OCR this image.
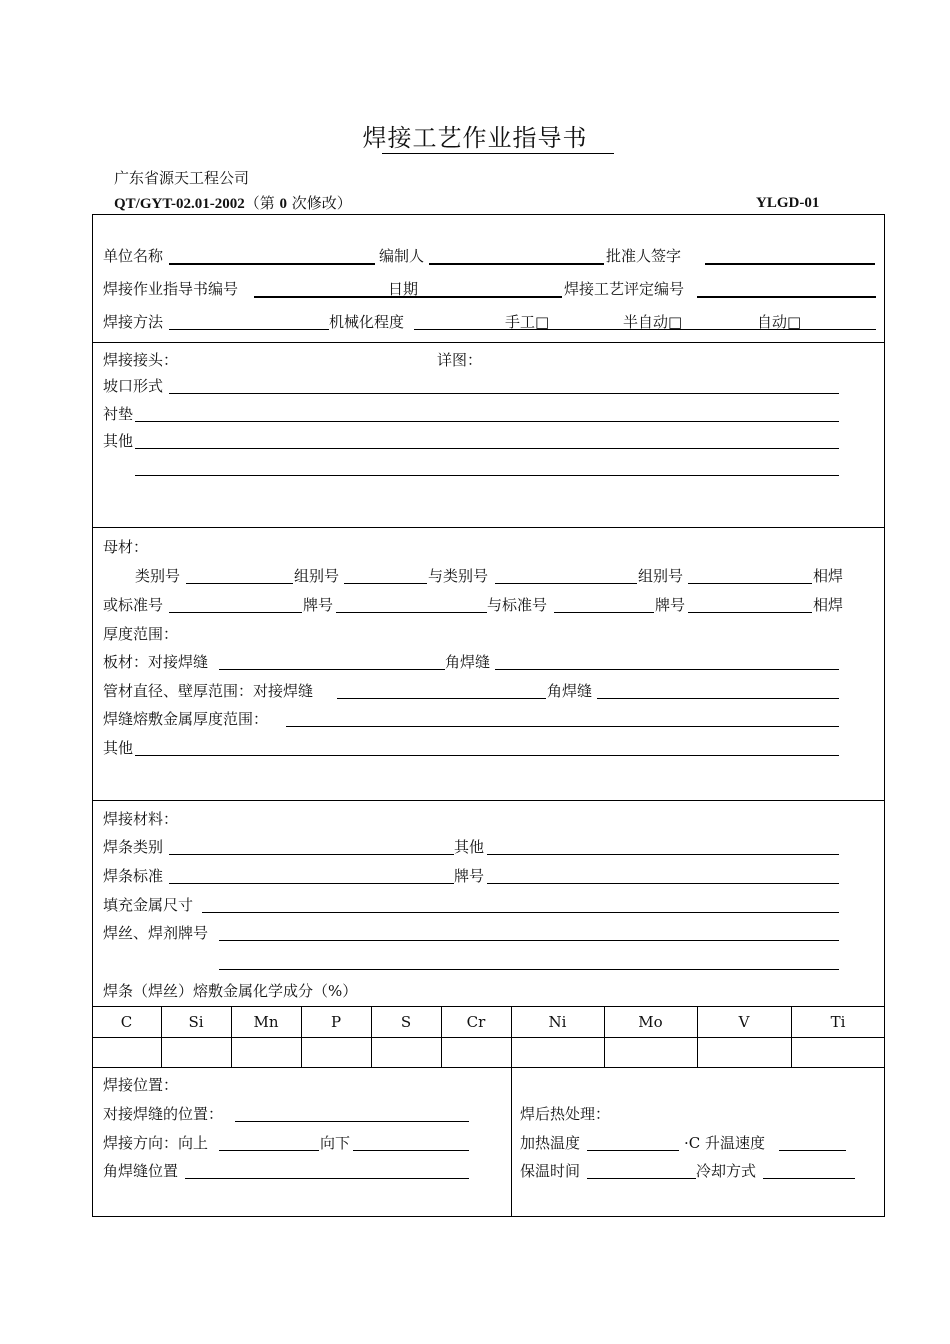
焊接工艺作业指导书
广东省源天工程公司
QT/GYT-02.01-2002（第 0 次修改）	YLGD-01
单位名称	编制人	批准人签字
焊接作业指导书编号	日期	焊接工艺评定编号
焊接方法	机械化程度	手工□	半自动□	自动□
焊接接头：	详图：
坡口形式
衬垫
其他
母材：
类别号	组别号	与类别号	组别号	相焊
或标准号	牌号	与标准号	牌号	相焊
厚度范围：
板材：对接焊缝	角焊缝
管材直径、壁厚范围：对接焊缝	角焊缝
焊缝熔敷金属厚度范围：
其他
焊接材料：
焊条类别	其他
焊条标准	牌号
填充金属尺寸
焊丝、焊剂牌号
焊条（焊丝）熔敷金属化学成分（%）
C	Si	Mn	P	S	Cr	Ni	Mo	V	Ti
焊接位置：
对接焊缝的位置：
焊接方向：向上	向下
角焊缝位置
焊后热处理：
加热温度	·C 升温速度
保温时间	冷却方式
